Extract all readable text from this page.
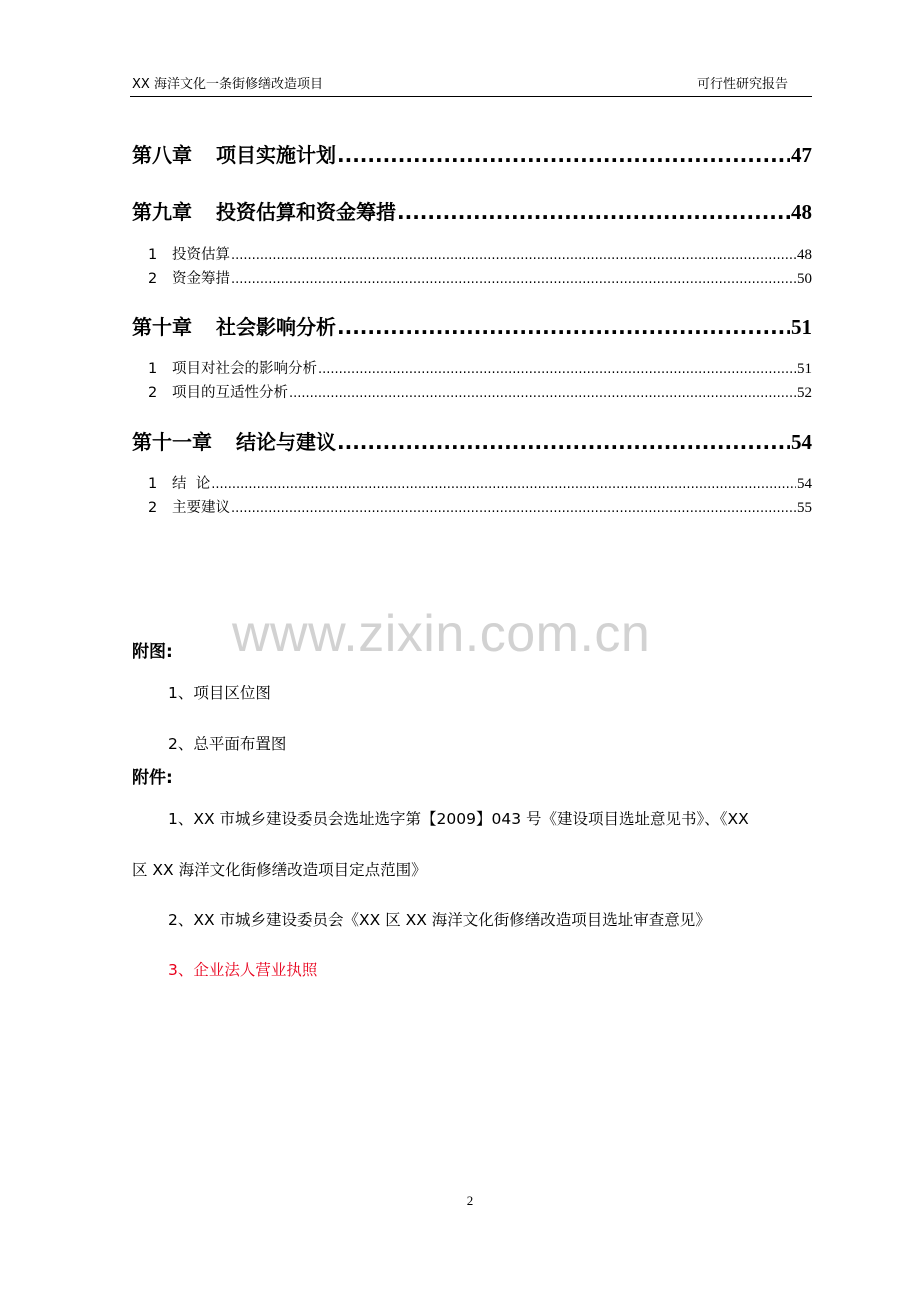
XX 海洋文化一条街修缮改造项目	可行性研究报告
第八章 项目实施计划 .....	47
第九章 投资估算和资金筹措 .....	48
1 投资估算 .....	48
2 资金筹措 .....	50
第十章 社会影响分析 .....	51
1 项目对社会的影响分析 .....	51
2 项目的互适性分析 .....	52
第十一章 结论与建议 .....	54
1 结  论 .....	54
2 主要建议 .....	55
www.zixin.com.cn
附图:
1、项目区位图
2、总平面布置图
附件:
1、XX 市城乡建设委员会选址选字第【2009】043 号《建设项目选址意见书》、《XX
区 XX 海洋文化街修缮改造项目定点范围》
2、XX 市城乡建设委员会《XX 区 XX 海洋文化街修缮改造项目选址审查意见》
3、企业法人营业执照
2
